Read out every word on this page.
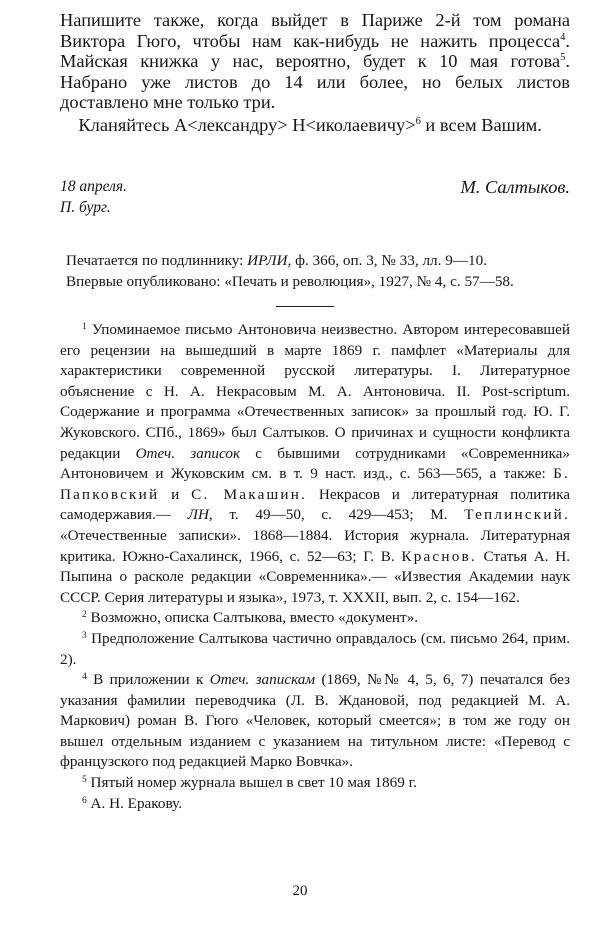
Напишите также, когда выйдет в Париже 2-й том романа Виктора Гюго, чтобы нам как-нибудь не нажить процесса$^4$. Майская книжка у нас, вероятно, будет к 10 мая готова$^5$. Набрано уже листов до 14 или более, но белых листов доставлено мне только три.

 Кланяйтесь А<лександру> Н<иколаевичу>$^6$ и всем Вашим.

18 апреля.
П. бург.
М. Салтыков.
Печатается по подлиннику: ИРЛИ, ф. 366, оп. 3, № 33, лл. 9—10.
Впервые опубликовано: «Печать и революция», 1927, № 4, с. 57—58.

$^1$ Упоминаемое письмо Антоновича неизвестно. Автором интересовавшей его рецензии на вышедший в марте 1869 г. памфлет «Материалы для характеристики современной русской литературы. I. Литературное объяснение с Н. А. Некрасовым М. А. Антоновича. II. Post-scriptum. Содержание и программа «Отечественных записок» за прошлый год. Ю. Г. Жуковского. СПб., 1869» был Салтыков. О причинах и сущности конфликта редакции Отеч. записок с бывшими сотрудниками «Современника» Антоновичем и Жуковским см. в т. 9 наст. изд., с. 563—565, а также: Б. Папковский и С. Макашин. Некрасов и литературная политика самодержавия.— ЛН, т. 49—50, с. 429—453; М. Теплинский. «Отечественные записки». 1868—1884. История журнала. Литературная критика. Южно-Сахалинск, 1966, с. 52—63; Г. В. Краснов. Статья А. Н. Пыпина о расколе редакции «Современника».— «Известия Академии наук СССР. Серия литературы и языка», 1973, т. XXXII, вып. 2, с. 154—162.

$^2$ Возможно, описка Салтыкова, вместо «документ».

$^3$ Предположение Салтыкова частично оправдалось (см. письмо 264, прим. 2).

$^4$ В приложении к Отеч. запискам (1869, №№ 4, 5, 6, 7) печатался без указания фамилии переводчика (Л. В. Ждановой, под редакцией М. А. Маркович) роман В. Гюго «Человек, который смеется»; в том же году он вышел отдельным изданием с указанием на титульном листе: «Перевод с французского под редакцией Марко Вовчка».

$^5$ Пятый номер журнала вышел в свет 10 мая 1869 г.

$^6$ А. Н. Еракову.

20
